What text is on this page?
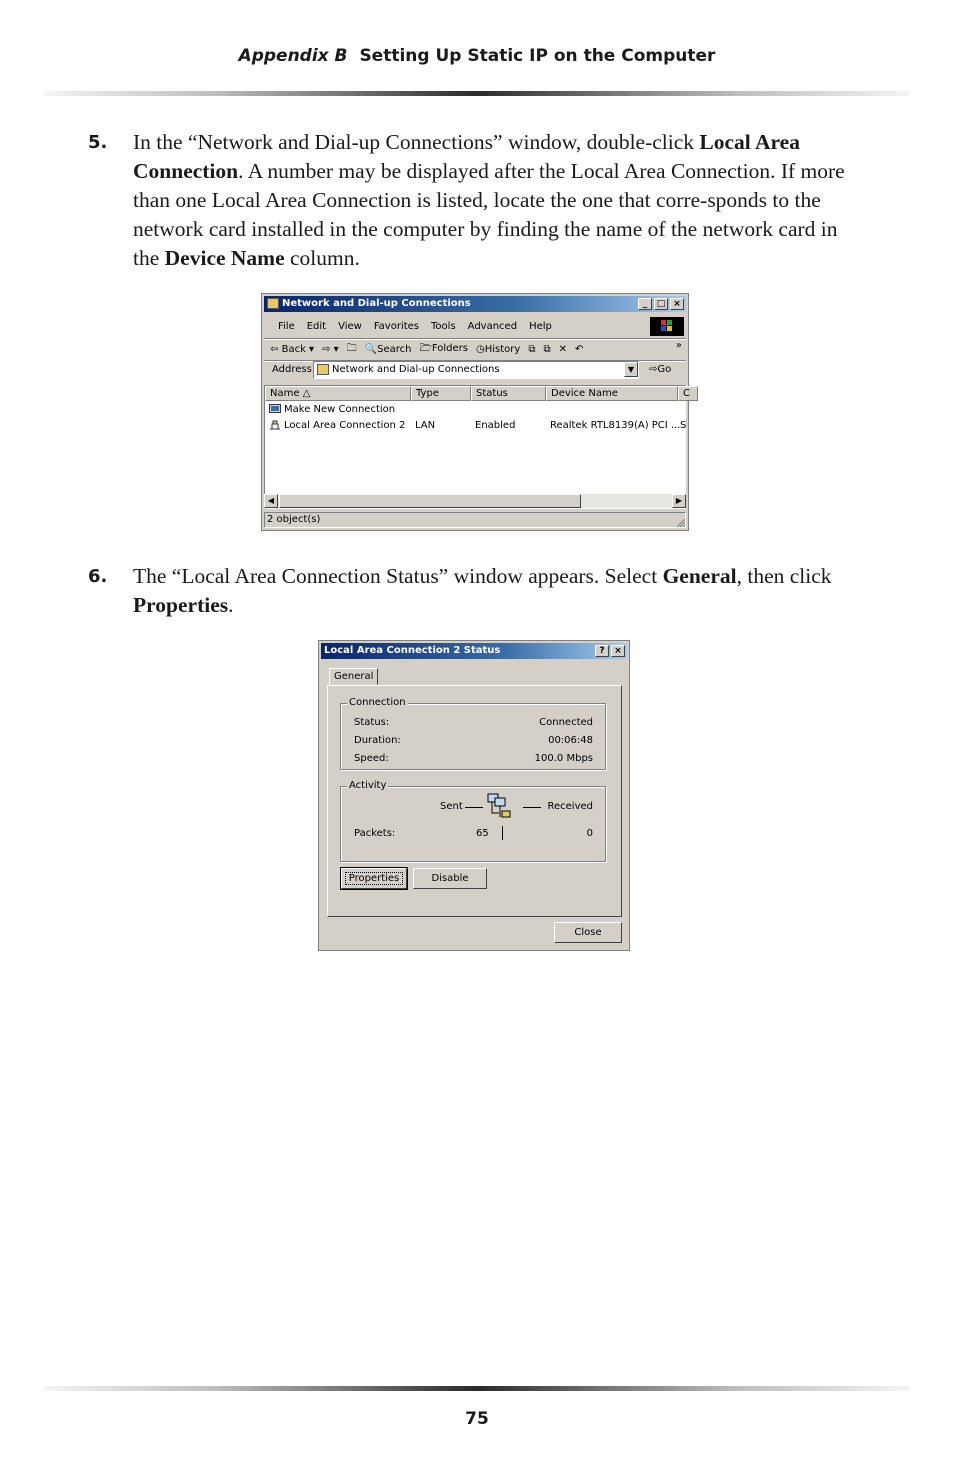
Appendix B Setting Up Static IP on the Computer
5. In the “Network and Dial-up Connections” window, double-click Local Area Connection. A number may be displayed after the Local Area Connection. If more than one Local Area Connection is listed, locate the one that corre-sponds to the network card installed in the computer by finding the name of the network card in the Device Name column.
Network and Dial-up Connections	_	□ ×
File Edit View Favorites Tools Advanced Help
⇦ Back ▾ ⇨ ▾ 🗀 🔍Search 🗁Folders ◷History ⧉ ⧉ ✕ ↶	»
Address	Network and Dial-up Connections	▼	⇨Go
Name △	Type	Status	Device Name	C
Make New Connection
Local Area Connection 2 LAN	Enabled	Realtek RTL8139(A) PCI ... S
◀	▶
2 object(s)
6. The “Local Area Connection Status” window appears. Select General, then click Properties.
Local Area Connection 2 Status	?	×
General
Connection
Status:	Connected
Duration:	00:06:48
Speed:	100.0 Mbps
Activity
Sent	Received
Packets:	65	0
Properties	Disable
Close
75
